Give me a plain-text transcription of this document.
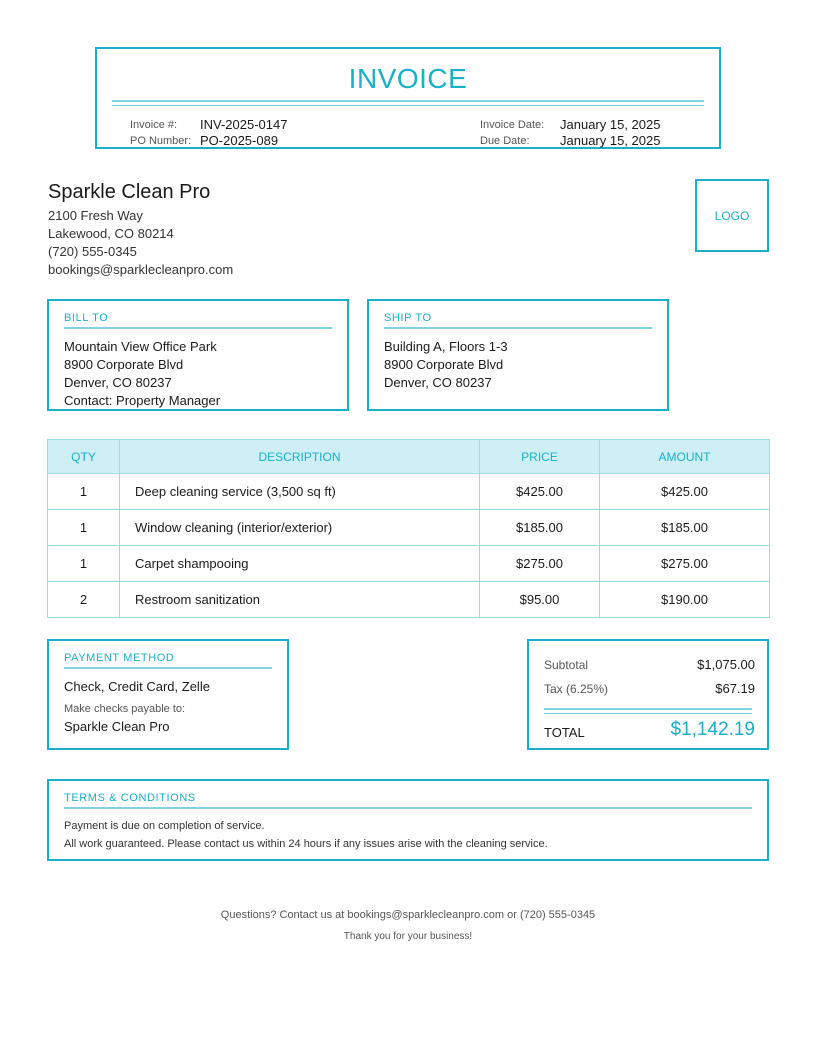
INVOICE
Invoice #: INV-2025-0147
PO Number: PO-2025-089
Invoice Date: January 15, 2025
Due Date: January 15, 2025
Sparkle Clean Pro
2100 Fresh Way
Lakewood, CO 80214
(720) 555-0345
bookings@sparklecleanpro.com
LOGO
BILL TO
Mountain View Office Park
8900 Corporate Blvd
Denver, CO 80237
Contact: Property Manager
SHIP TO
Building A, Floors 1-3
8900 Corporate Blvd
Denver, CO 80237
QTY	DESCRIPTION	PRICE	AMOUNT
1	Deep cleaning service (3,500 sq ft)	$425.00	$425.00
1	Window cleaning (interior/exterior)	$185.00	$185.00
1	Carpet shampooing	$275.00	$275.00
2	Restroom sanitization	$95.00	$190.00
PAYMENT METHOD
Check, Credit Card, Zelle
Make checks payable to:
Sparkle Clean Pro
Subtotal	$1,075.00
Tax (6.25%)	$67.19
TOTAL	$1,142.19
TERMS & CONDITIONS
Payment is due on completion of service.
All work guaranteed. Please contact us within 24 hours if any issues arise with the cleaning service.
Questions? Contact us at bookings@sparklecleanpro.com or (720) 555-0345
Thank you for your business!
